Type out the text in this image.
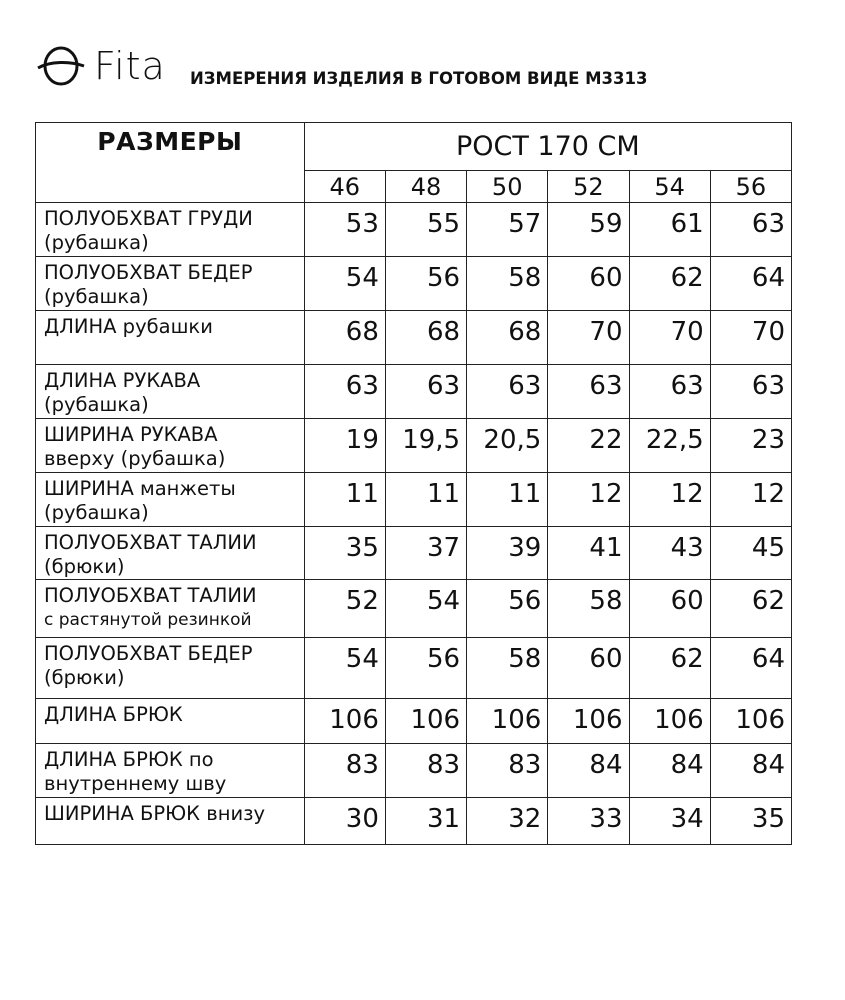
Fita ИЗМЕРЕНИЯ ИЗДЕЛИЯ В ГОТОВОМ ВИДЕ М3313
РАЗМЕРЫ	РОСТ 170 СМ					
	46	48	50	52	54	56

ПОЛУОБХВАТ ГРУДИ
(рубашка)	53	55	57	59	61	63

ПОЛУОБХВАТ БЕДЕР
(рубашка)	54	56	58	60	62	64

ДЛИНА рубашки	68	68	68	70	70	70

ДЛИНА РУКАВА
(рубашка)	63	63	63	63	63	63

ШИРИНА РУКАВА
вверху (рубашка)	19	19,5	20,5	22	22,5	23

ШИРИНА манжеты
(рубашка)	11	11	11	12	12	12

ПОЛУОБХВАТ ТАЛИИ
(брюки)	35	37	39	41	43	45

ПОЛУОБХВАТ ТАЛИИ
с растянутой резинкой	52	54	56	58	60	62

ПОЛУОБХВАТ БЕДЕР
(брюки)	54	56	58	60	62	64

ДЛИНА БРЮК	106	106	106	106	106	106

ДЛИНА БРЮК по
внутреннему шву	83	83	83	84	84	84

ШИРИНА БРЮК внизу	30	31	32	33	34	35
